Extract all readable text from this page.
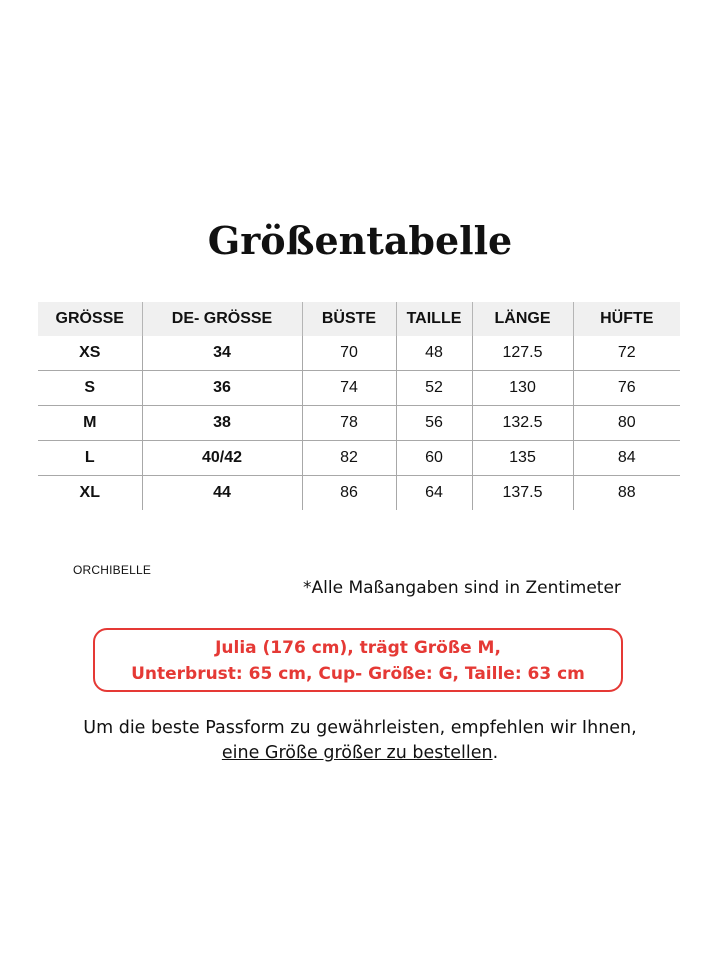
Größentabelle
GRÖSSE	DE- GRÖSSE	BÜSTE	TAILLE	LÄNGE	HÜFTE
XS	34	70	48	127.5	72
S	36	74	52	130	76
M	38	78	56	132.5	80
L	40/42	82	60	135	84
XL	44	86	64	137.5	88
ORCHIBELLE
*Alle Maßangaben sind in Zentimeter
Julia (176 cm), trägt Größe M,
Unterbrust: 65 cm, Cup- Größe: G, Taille: 63 cm
Um die beste Passform zu gewährleisten, empfehlen wir Ihnen,
eine Größe größer zu bestellen.
